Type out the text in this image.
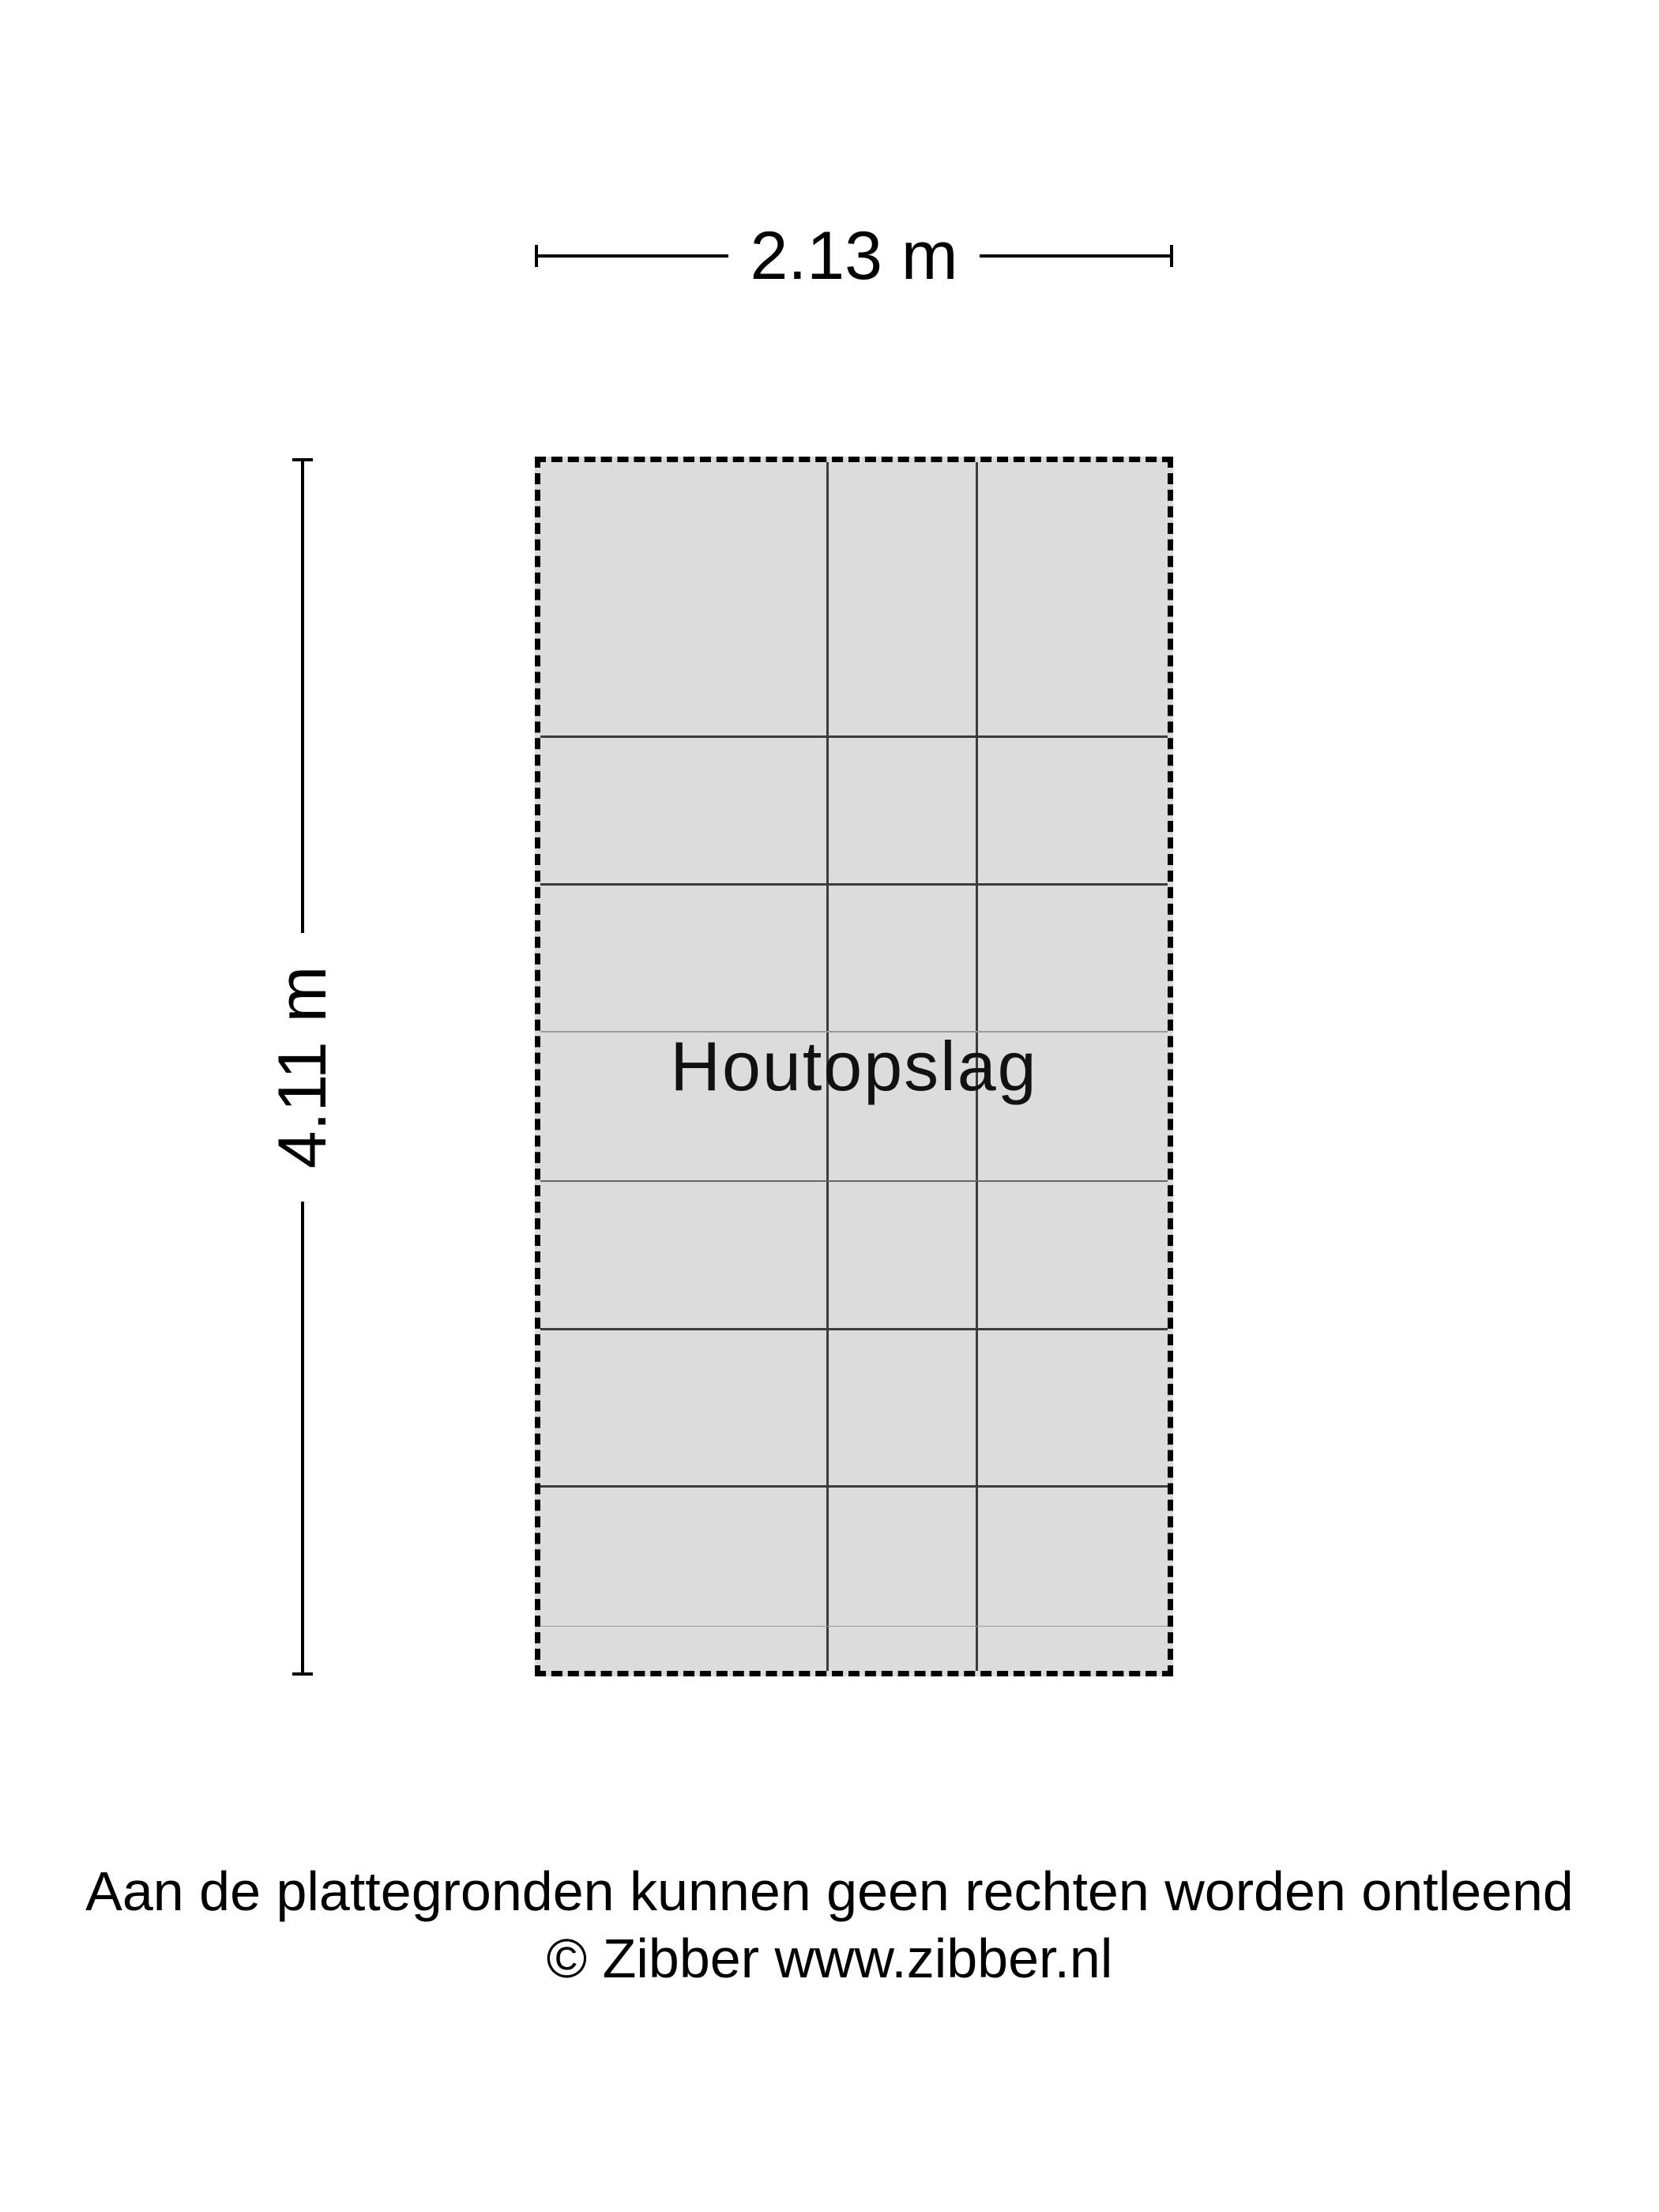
2.13 m
4.11 m	Houtopslag
Aan de plattegronden kunnen geen rechten worden ontleend
© Zibber www.zibber.nl
